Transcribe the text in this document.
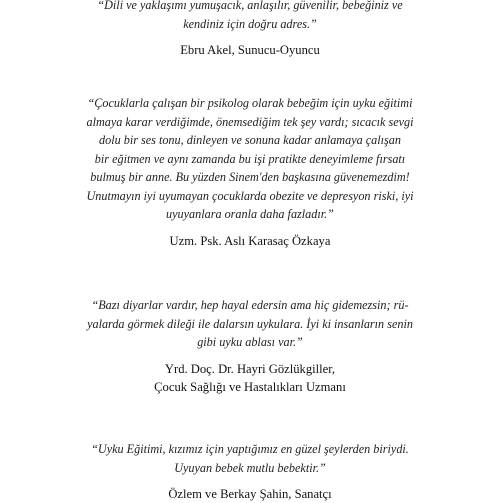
“Dili ve yaklaşımı yumuşacık, anlaşılır, güvenilir, bebeğiniz ve
kendiniz için doğru adres.”

Ebru Akel, Sunucu-Oyuncu

“Çocuklarla çalışan bir psikolog olarak bebeğim için uyku eğitimi
almaya karar verdiğimde, önemsediğim tek şey vardı; sıcacık sevgi
dolu bir ses tonu, dinleyen ve sonuna kadar anlamaya çalışan
bir eğitmen ve aynı zamanda bu işi pratikte deneyimleme fırsatı
bulmuş bir anne. Bu yüzden Sinem'den başkasına güvenemezdim!
Unutmayın iyi uyumayan çocuklarda obezite ve depresyon riski, iyi
uyuyanlara oranla daha fazladır.”

Uzm. Psk. Aslı Karasaç Özkaya

“Bazı diyarlar vardır, hep hayal edersin ama hiç gidemezsin; rü-
yalarda görmek dileği ile dalarsın uykulara. İyi ki insanların senin
gibi uyku ablası var.”

Yrd. Doç. Dr. Hayri Gözlükgiller,
Çocuk Sağlığı ve Hastalıkları Uzmanı

“Uyku Eğitimi, kızımız için yaptığımız en güzel şeylerden biriydi.
Uyuyan bebek mutlu bebektir.”

Özlem ve Berkay Şahin, Sanatçı
